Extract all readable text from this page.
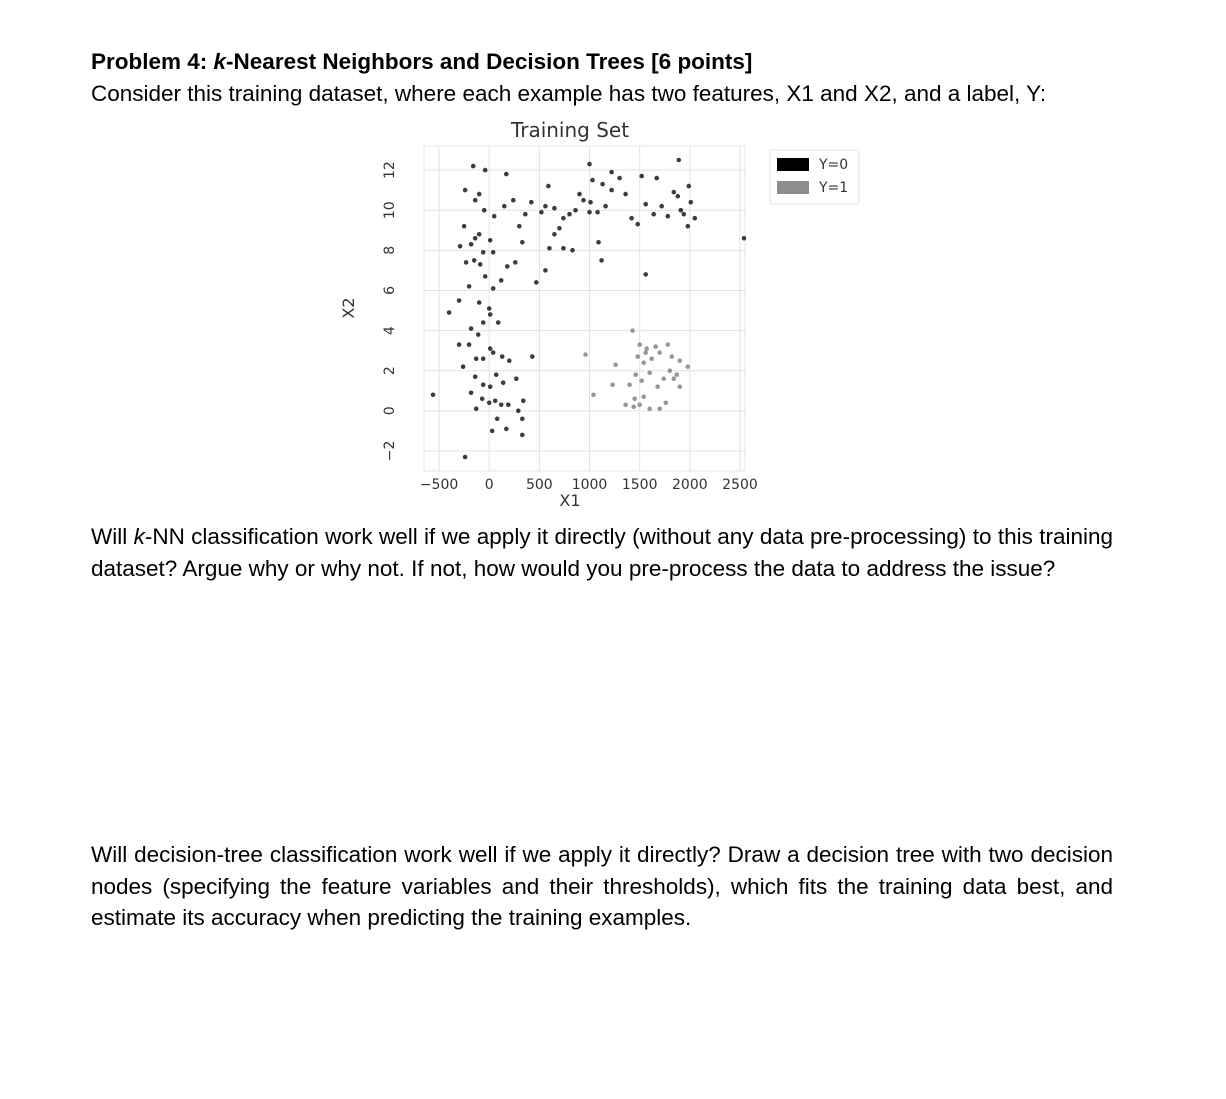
Problem 4: k-Nearest Neighbors and Decision Trees [6 points]
Consider this training dataset, where each example has two features, X1 and X2, and a label, Y:
Training Set
−500 0 500 1000 1500 2000 2500
−2
0
2
4
6
8
10
12
X1
X2
Y=0
Y=1
Will k-NN classification work well if we apply it directly (without any data pre-processing) to this training dataset? Argue why or why not. If not, how would you pre-process the data to address the issue?
Will decision-tree classification work well if we apply it directly? Draw a decision tree with two decision nodes (specifying the feature variables and their thresholds), which fits the training data best, and estimate its accuracy when predicting the training examples.
